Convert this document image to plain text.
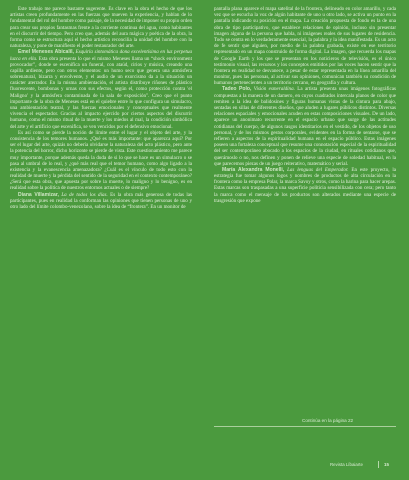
Este trabajo me parece bastante sugerente. Es clave en la obra el hecho de que los artistas creen profundamente en las fuerzas que mueven la experiencia, y hablan de lo fundamental del rol del hombre como paisaje, de la necesidad de imponer su propio orden para crear sus propios fantasmas frente a la corriente continua del agua, como habitantes en el discurrir del tiempo. Pero creo que, además del aura mágica y poética de la obra, la forma como se estructura aquí el hecho artístico reconcilia la unidad del hombre con la naturaleza, y pone de manifiesto el poder restaurador del arte.

Emel Meneses Abicalil, Esquirla sintomática dona excelentísima en luz perpetua luzca en ella. Esta obra presenta lo que el mismo Meneses llama un “shock environment provocador”, donde se escenifica un funeral, con ataúd, cirios y música, creando una capilla ardiente, pero con otros elementos: un humo seco que genera una atmósfera sobrenatural, bizarra y envolvente, y el audio de un exorcismo da a la situación un carácter aterrador. En la misma ambientación, el artista distribuye riñones de plástico fluorescente, bombonas y urnas con sus efectos, según el, como protección contra 'el Maligno' y la atmósfera contaminada de la sala de exposición". Creo que el punto importante de la obra de Meneses está en el quiebre entre lo que configura un simulacro, una ambientación teatral, y las fuerzas emocionales y conceptuales que realmente vivencia el espectador. Gracias al impacto ejercido por ciertos aspectos del discurrir humano, como el mismo ritual de la muerte y los miedos al mal, la condición simbólica del arte y el artificio que escenifica, se ven vencidos por el defensivo emocional.

Es así como se pierde la noción de límite entre el lugar y el objeto del arte, y la consistencia de los temores humanos. ¿Qué es más importante: que aparezca aquí? Por ser el lugar del arte, quizás no debería olvidarse la naturaleza del acto plástico, pero ante la potencia del horror, dicho horizonte se pierde de vista. Este cuestionamiento me parece muy importante, porque además queda la duda de si lo que se hace es un simulacro o se pasa al umbral de lo real, y ¿qué más real que el temor humano, como algo ligado a la existencia y la evanescencia amenazadora? ¿Cuál es el vínculo de todo esto con la realidad de muerte y la pérdida del sentido de la seguridad en el contexto contemporáneo? ¿Será que esta obra, que apuesta por sobre la muerte, lo maligno y lo benigno, es en realidad sobre la política de nuestros entornos actuales o de siempre?

Diana Villamizar, La de todos los días. Es la obra más generosa de todas las participantes, pues en realidad la conforman las opiniones que tienen personas de uno y otro lado del límite colombo-venezolano, sobre la idea de “frontera”. En un monitor de

pantalla plana aparece el mapa satelital de la frontera, delineado en color amarillo, y cada vez que se escucha la voz de algún habitante de uno u otro lado, se activa un punto en la pantalla indicando su posición en el mapa. La creación propuesta de fondo es la de una obra de tipo participativo, que establece relaciones de opinión, incluso sin presentar imagen alguna de la persona que habla, ni imágenes reales de sus lugares de residencia. Todo se centra en lo verdaderamente esencial, la palabra y la idea manifestada. Es un acto de fe sentir que alguien, por medio de la palabra grabada, existe en ese territorio representado en un mapa construido de forma digital. La imagen, que recuerda los mapas de Google Earth y los que se presentan en los noticieros de televisión, es el único testimonio visual, las recursos y los conceptos emitidos por las voces hacen sentir que la frontera en realidad se desvanece, a pesar de estar representada en la línea amarilla del monitor, pues las personas, al activar sus opiniones, comunican también su condición de humanos pertenecientes a un territorio cercano, en geografía y cultura.

Tadeo Polo, Visión esmeraldina. La artista presenta unas imágenes fotográficas compuestas a la manera de un damero, en cuyos cuadrados intercala planos de color que remiten a la idea de balidosines y figuras humanas vistas de la cintura para abajo, sentadas en sillas de diferentes diseños, que aluden a lugares públicos distintos. Diversas relaciones espaciales y emocionales acuden en estas composiciones visuales. De un lado, aparece un anonimato recurrente en el espacio urbano que surge de las actitudes cotidianas del cuerpo, de algunos rasgos identitarios en el vestido, de los objetos de uso personal, y de los mismos gestos corporales, evidentes en la forma de sentarse, que se refieren a aspectos de la espiritualidad humana en el espacio público. Estas imágenes poseen una fortaleza conceptual que resume una connotación especial de la espiritualidad del ser contemporáneo abocado a los espacios de la ciudad, en rituales cotidianos que, querámoslo o no, nos definen y ponen de relieve una especie de soledad habitual, en la que parecemos piezas de un juego reiterativo, matemático y serial.

María Alexandra Monelli, Las lenguas del Emperador. En este proyecto, la estrategia fue tomar algunos logos y nombres de productos de alta circulación en la frontera como la empresa Polar, la marca Savoy y otros, como la harina para hacer arepas. Estas marcas son traspasadas a una superficie políticia sensibilizada con cera; pero tanto la marca como el mensaje de los productos son alterados mediante una especie de trasgresión que expone

Continúa en la página 22
Revista Líbaiarte	15
